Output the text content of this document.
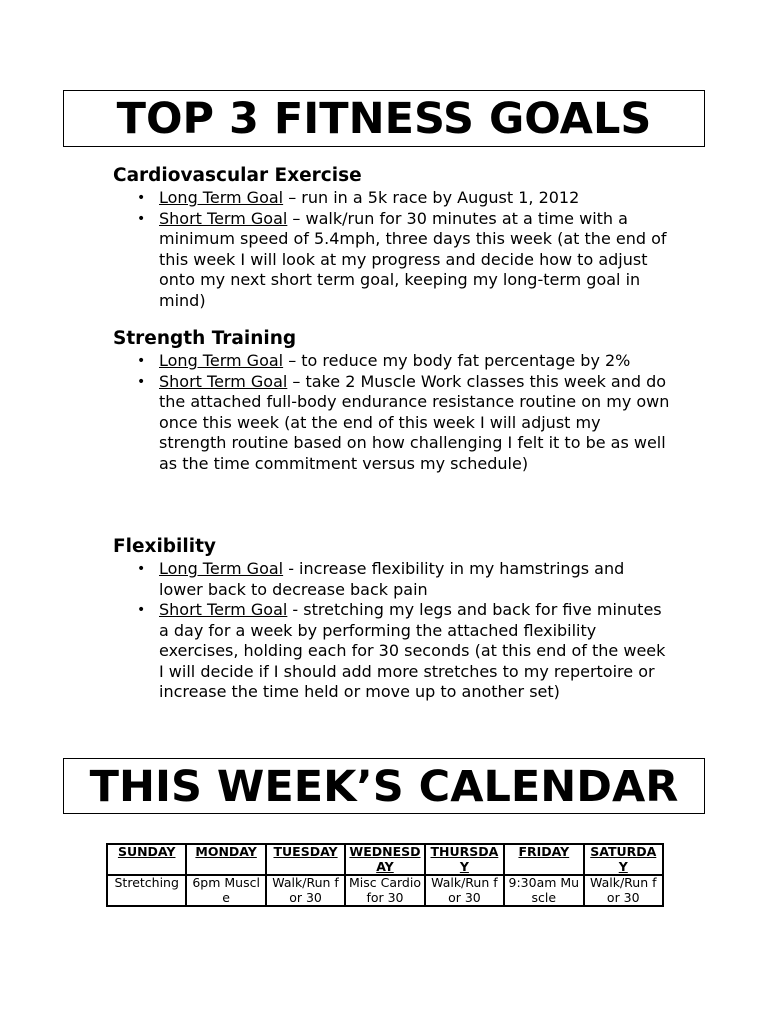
TOP 3 FITNESS GOALS
Cardiovascular Exercise
• Long Term Goal – run in a 5k race by August 1, 2012
• Short Term Goal – walk/run for 30 minutes at a time with a minimum speed of 5.4mph, three days this week (at the end of this week I will look at my progress and decide how to adjust onto my next short term goal, keeping my long-term goal in mind)
Strength Training
• Long Term Goal – to reduce my body fat percentage by 2%
• Short Term Goal – take 2 Muscle Work classes this week and do the attached full-body endurance resistance routine on my own once this week (at the end of this week I will adjust my strength routine based on how challenging I felt it to be as well as the time commitment versus my schedule)
Flexibility
• Long Term Goal - increase flexibility in my hamstrings and lower back to decrease back pain
• Short Term Goal - stretching my legs and back for five minutes a day for a week by performing the attached flexibility exercises, holding each for 30 seconds (at this end of the week I will decide if I should add more stretches to my repertoire or increase the time held or move up to another set)
THIS WEEK’S CALENDAR
SUNDAY	MONDAY	TUESDAY	WEDNESDAY	THURSDAY	FRIDAY	SATURDAY
Stretching	6pm Muscle	Walk/Run for 30	Misc Cardio for 30	Walk/Run for 30	9:30am Muscle	Walk/Run for 30
